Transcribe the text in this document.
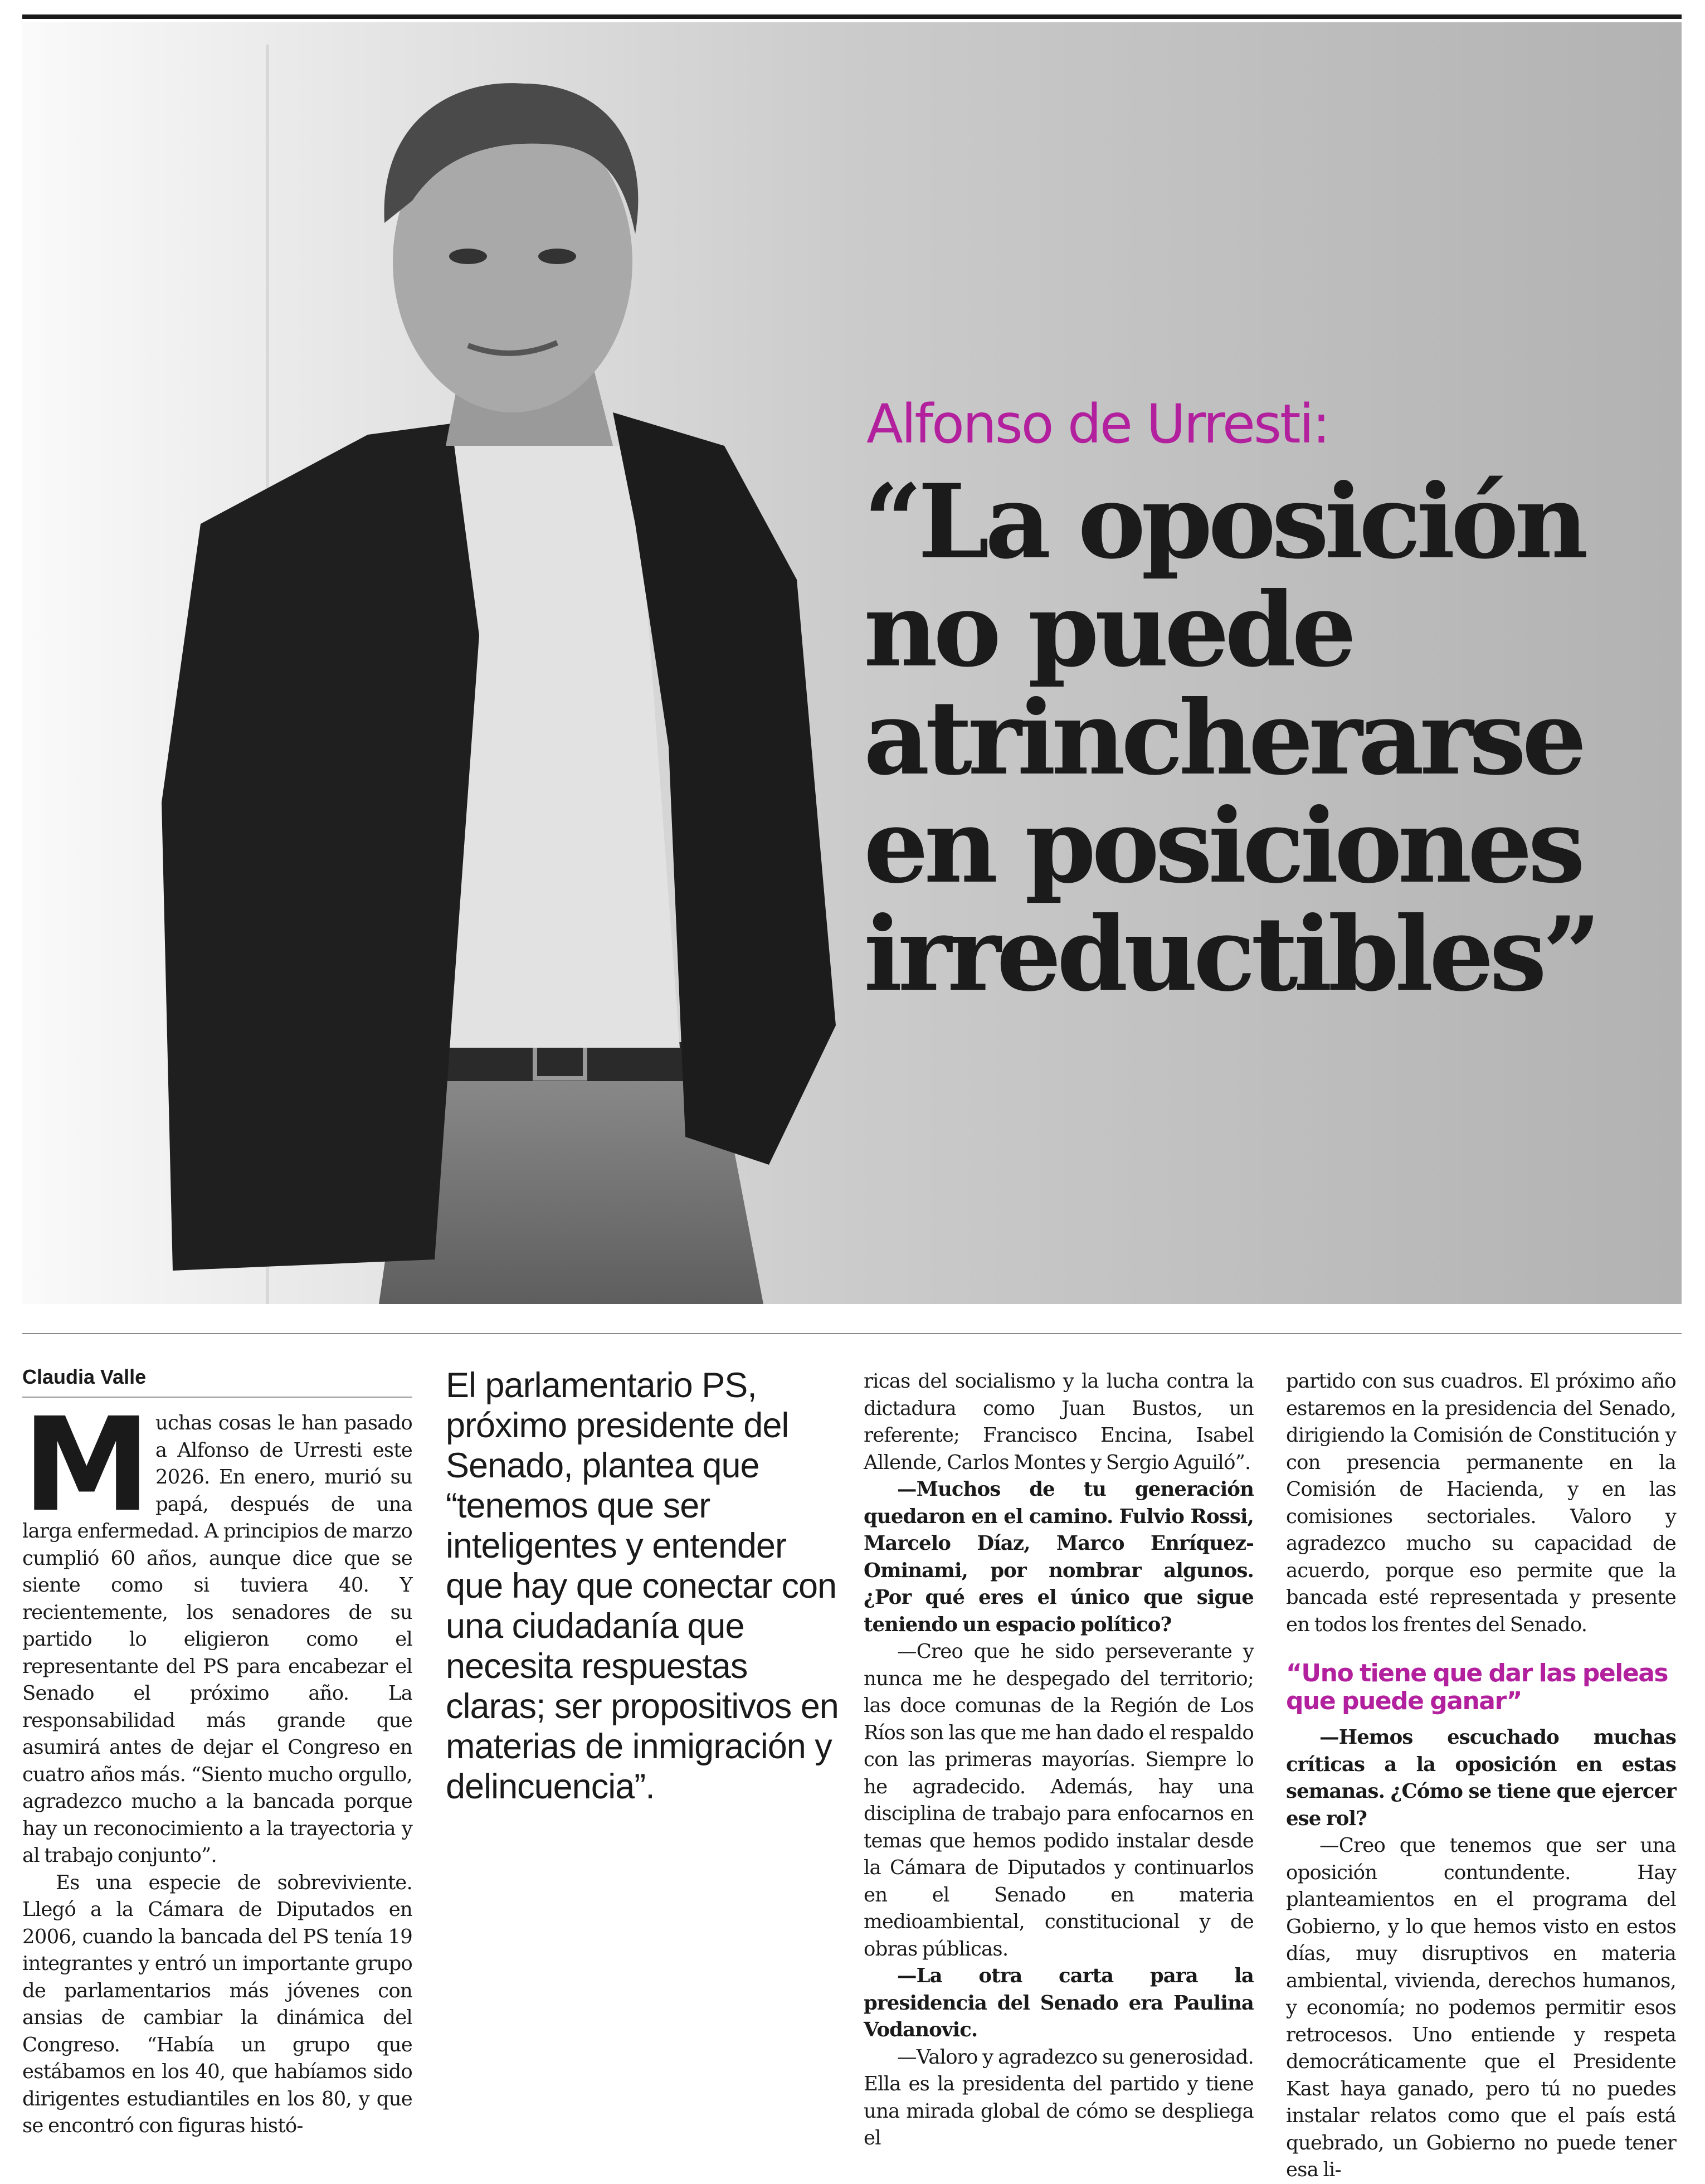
Alfonso de Urresti:
“La oposición no puede atrincherarse en posiciones irreductibles”
Claudia Valle

Muchas cosas le han pasado a Alfonso de Urresti este 2026. En enero, murió su papá, después de una larga enfermedad. A principios de marzo cumplió 60 años, aunque dice que se siente como si tuviera 40. Y recientemente, los senadores de su partido lo eligieron como el representante del PS para encabezar el Senado el próximo año. La responsabilidad más grande que asumirá antes de dejar el Congreso en cuatro años más. “Siento mucho orgullo, agradezco mucho a la bancada porque hay un reconocimiento a la trayectoria y al trabajo conjunto”.

Es una especie de sobreviviente. Llegó a la Cámara de Diputados en 2006, cuando la bancada del PS tenía 19 integrantes y entró un importante grupo de parlamentarios más jóvenes con ansias de cambiar la dinámica del Congreso. “Había un grupo que estábamos en los 40, que habíamos sido dirigentes estudiantiles en los 80, y que se encontró con figuras histó-

El parlamentario PS, próximo presidente del Senado, plantea que “tenemos que ser inteligentes y entender que hay que conectar con una ciudadanía que necesita respuestas claras; ser propositivos en materias de inmigración y delincuencia”.

ricas del socialismo y la lucha contra la dictadura como Juan Bustos, un referente; Francisco Encina, Isabel Allende, Carlos Montes y Sergio Aguiló”.

—Muchos de tu generación quedaron en el camino. Fulvio Rossi, Marcelo Díaz, Marco Enríquez-Ominami, por nombrar algunos. ¿Por qué eres el único que sigue teniendo un espacio político?

—Creo que he sido perseverante y nunca me he despegado del territorio; las doce comunas de la Región de Los Ríos son las que me han dado el respaldo con las primeras mayorías. Siempre lo he agradecido. Además, hay una disciplina de trabajo para enfocarnos en temas que hemos podido instalar desde la Cámara de Diputados y continuarlos en el Senado en materia medioambiental, constitucional y de obras públicas.

—La otra carta para la presidencia del Senado era Paulina Vodanovic.

—Valoro y agradezco su generosidad. Ella es la presidenta del partido y tiene una mirada global de cómo se despliega el

partido con sus cuadros. El próximo año estaremos en la presidencia del Senado, dirigiendo la Comisión de Constitución y con presencia permanente en la Comisión de Hacienda, y en las comisiones sectoriales. Valoro y agradezco mucho su capacidad de acuerdo, porque eso permite que la bancada esté representada y presente en todos los frentes del Senado.

“Uno tiene que dar las peleas que puede ganar”

—Hemos escuchado muchas críticas a la oposición en estas semanas. ¿Cómo se tiene que ejercer ese rol?

—Creo que tenemos que ser una oposición contundente. Hay planteamientos en el programa del Gobierno, y lo que hemos visto en estos días, muy disruptivos en materia ambiental, vivienda, derechos humanos, y economía; no podemos permitir esos retrocesos. Uno entiende y respeta democráticamente que el Presidente Kast haya ganado, pero tú no puedes instalar relatos como que el país está quebrado, un Gobierno no puede tener esa li-
